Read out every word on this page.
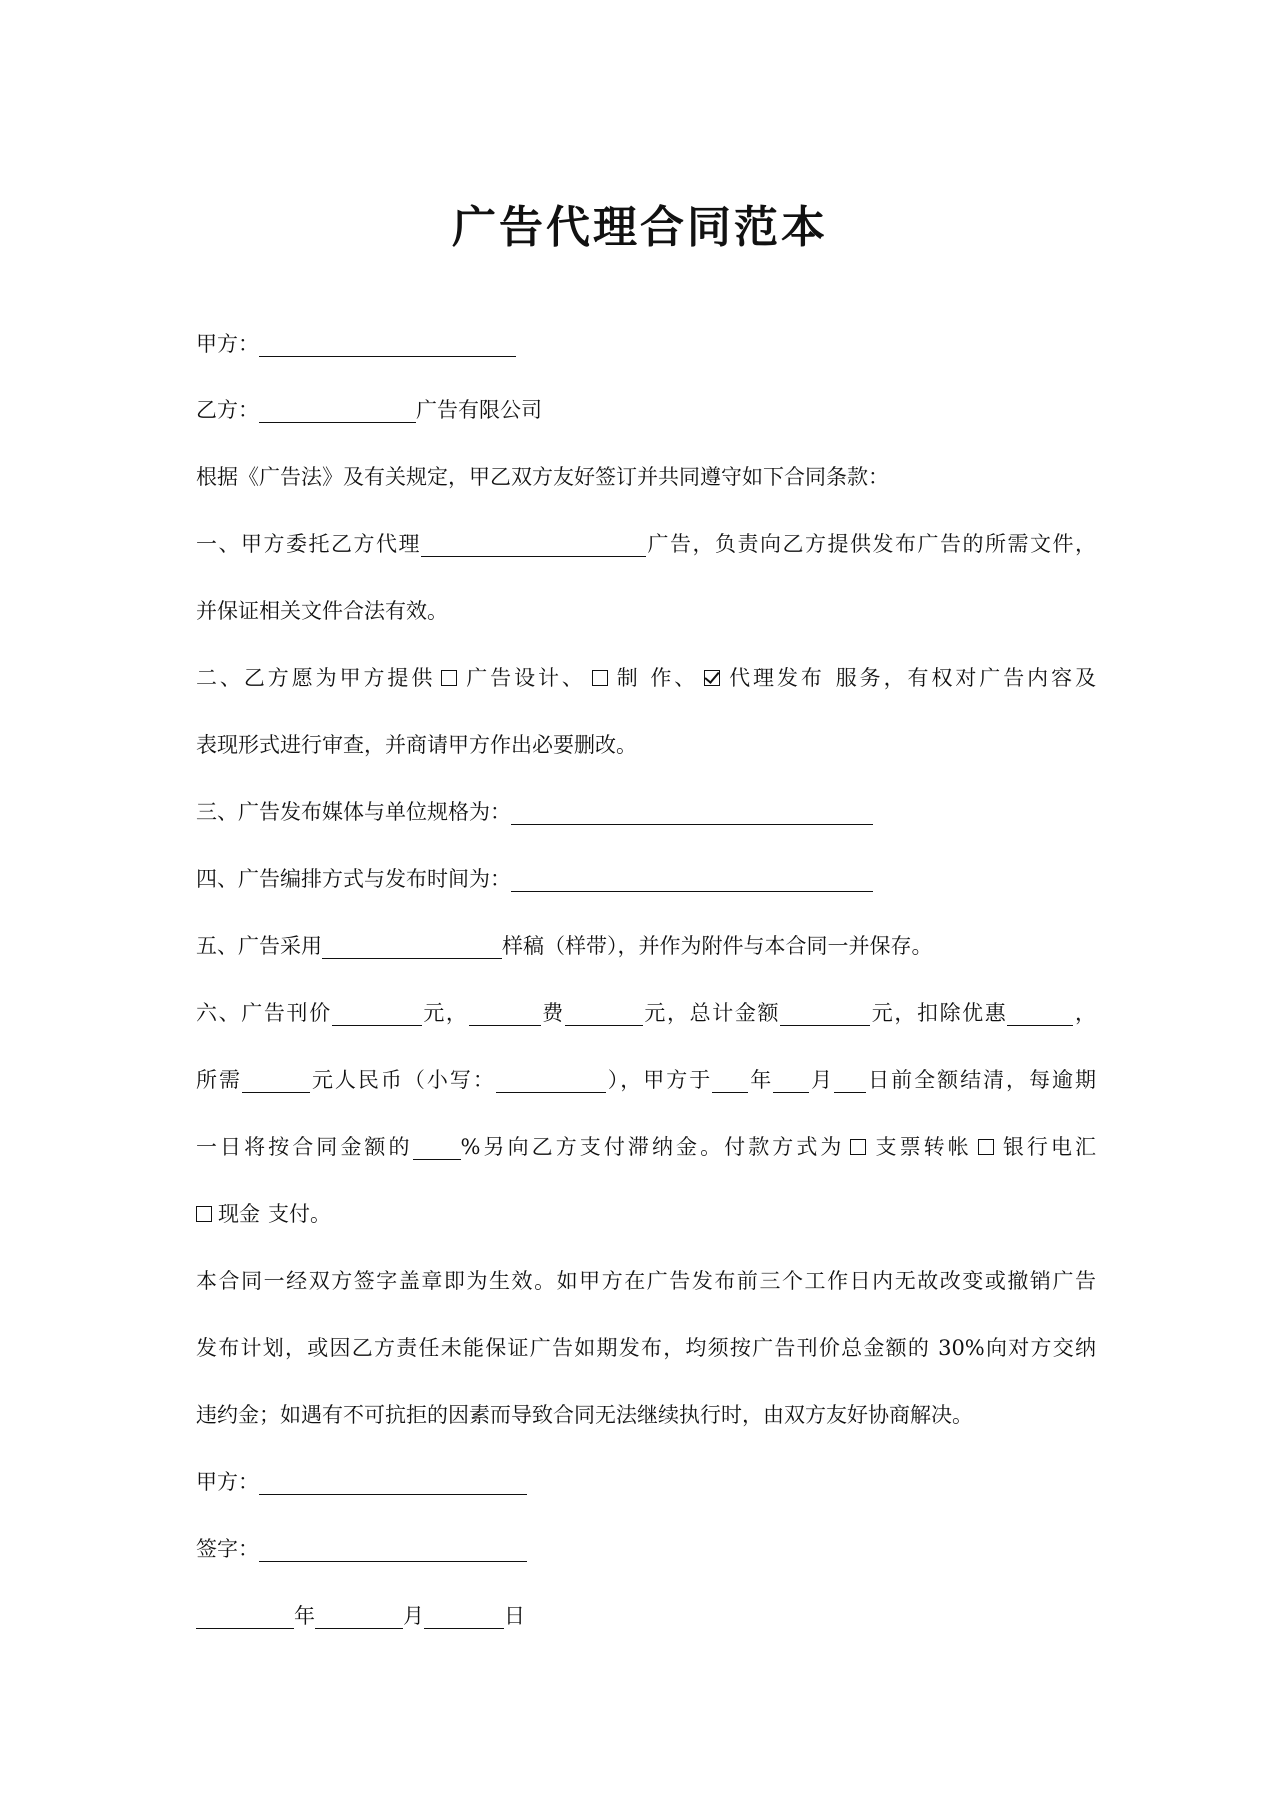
广告代理合同范本
甲方：
乙方：	广告有限公司
根据《广告法》及有关规定，甲乙双方友好签订并共同遵守如下合同条款：
一、甲方委托乙方代理	广告，负责向乙方提供发布广告的所需文件，
并保证相关文件合法有效。
二、乙方愿为甲方提供 广告设计、 制 作、 代理发布 服务，有权对广告内容及
表现形式进行审查，并商请甲方作出必要删改。
三、广告发布媒体与单位规格为：
四、广告编排方式与发布时间为：
五、广告采用	样稿（样带），并作为附件与本合同一并保存。
六、广告刊价	元，	费	元，总计金额	元，扣除优惠	，
所需	元人民币（小写：	），甲方于 年 月 日前全额结清，每逾期
一日将按合同金额的 %另向乙方支付滞纳金。付款方式为 支票转帐 银行电汇
现金 支付。
本合同一经双方签字盖章即为生效。如甲方在广告发布前三个工作日内无故改变或撤销广告
发布计划，或因乙方责任未能保证广告如期发布，均须按广告刊价总金额的 30%向对方交纳
违约金；如遇有不可抗拒的因素而导致合同无法继续执行时，由双方友好协商解决。
甲方：
签字：
年	月	日
